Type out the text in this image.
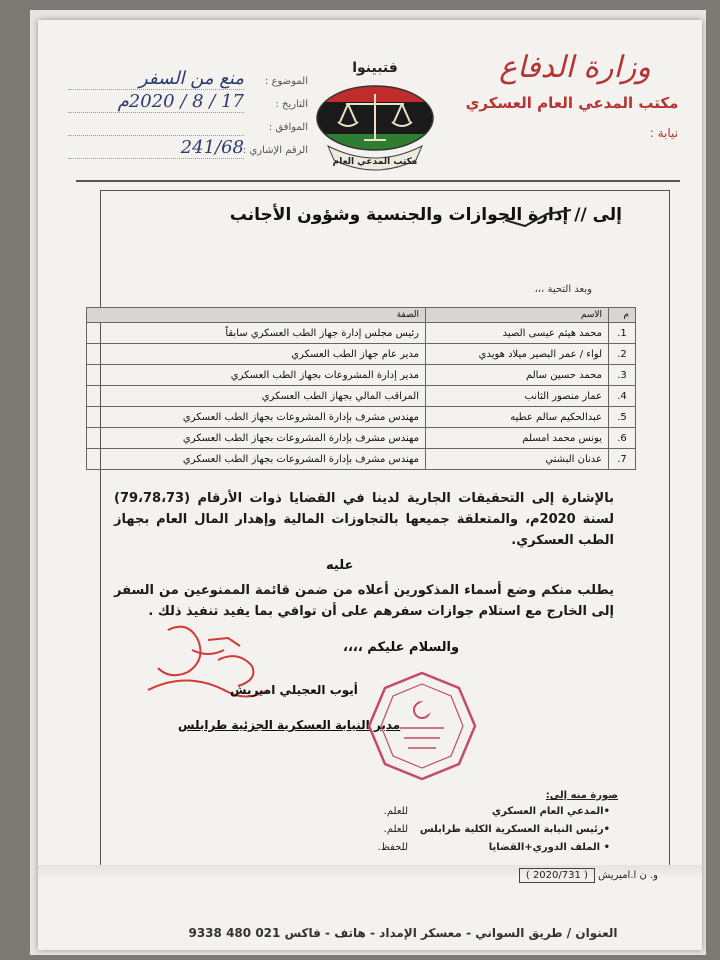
وزارة الدفاع
مكتب المدعي العام العسكري
نيابة :
فتبينوا
مكتب المدعي العام
الموضوع :
منع من السفر
التاريخ :
17 / 8 / 2020م
الموافق :
الرقم الإشاري :
241/68
إلى // إدارة الجوازات والجنسية وشؤون الأجانب
وبعد التحية ،،،
م	الاسم	الصفة
1.	محمد هيثم عيسى الصيد	رئيس مجلس إدارة جهاز الطب العسكري سابقاً
2.	لواء / عمر البصير ميلاد هويدي	مدير عام جهاز الطب العسكري
3.	محمد حسين سالم	مدير إدارة المشروعات بجهاز الطب العسكري
4.	عمار منصور الثانب	المراقب المالي بجهاز الطب العسكري
5.	عبدالحكيم سالم عطيه	مهندس مشرف بإدارة المشروعات بجهاز الطب العسكري
6.	يونس محمد امسلم	مهندس مشرف بإدارة المشروعات بجهاز الطب العسكري
7.	عدنان البشتي	مهندس مشرف بإدارة المشروعات بجهاز الطب العسكري
بالإشارة إلى التحقيقات الجارية لدينا في القضايا ذوات الأرقام (79،78،73) لسنة 2020م، والمتعلقة جميعها بالتجاوزات المالية وإهدار المال العام بجهاز الطب العسكري.
عليه
يطلب منكم وضع أسماء المذكورين أعلاه من ضمن قائمة الممنوعين من السفر إلى الخارج مع استلام جوازات سفرهم على أن توافي بما يفيد تنفيذ ذلك .
والسلام عليكم ،،،،
أيوب العجيلي اميريش
مدير النيابة العسكرية الجزئية طرابلس
صورة منه إلى:
•المدعي العام العسكري
للعلم.
•رئيس النيابة العسكرية الكلية طرابلس
للعلم.
• الملف الدوري+القضايا
للحفظ.
و. ن ا.اميريش ( 2020/731 )
العنوان / طريق السواني - معسكر الإمداد - هاتف - فاكس 021 480 9338
